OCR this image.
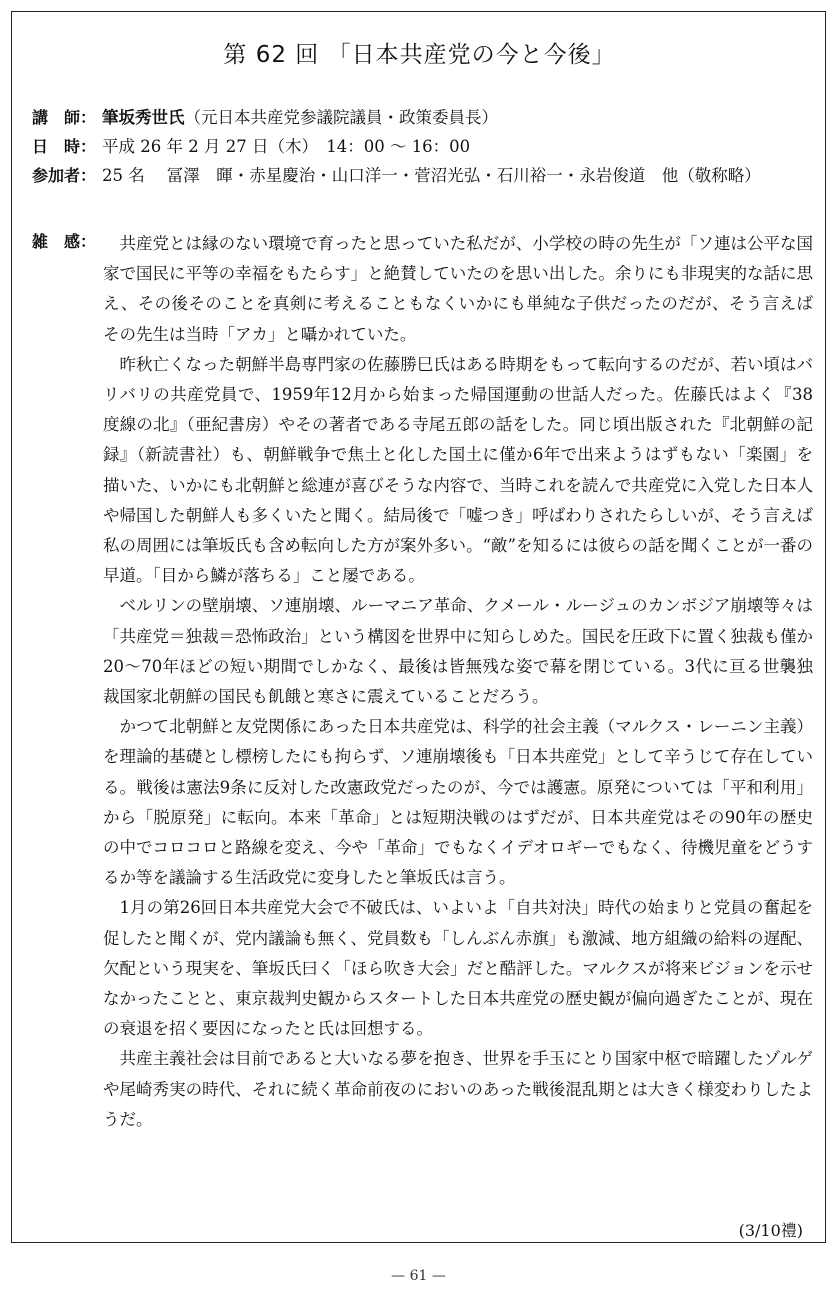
第 62 回 「日本共産党の今と今後」
講　師： 筆坂秀世氏（元日本共産党参議院議員・政策委員長）
日　時： 平成 26 年 2 月 27 日（木）　14：00 〜 16：00
参加者： 25 名 冨澤　暉・赤星慶治・山口洋一・菅沼光弘・石川裕一・永岩俊道　他（敬称略）
雑　感：	共産党とは縁のない環境で育ったと思っていた私だが、小学校の時の先生が「ソ連は公平な国家で国民に平等の幸福をもたらす」と絶賛していたのを思い出した。余りにも非現実的な話に思え、その後そのことを真剣に考えることもなくいかにも単純な子供だったのだが、そう言えばその先生は当時「アカ」と囁かれていた。

昨秋亡くなった朝鮮半島専門家の佐藤勝巳氏はある時期をもって転向するのだが、若い頃はバリバリの共産党員で、1959年12月から始まった帰国運動の世話人だった。佐藤氏はよく『38度線の北』（亜紀書房）やその著者である寺尾五郎の話をした。同じ頃出版された『北朝鮮の記録』（新読書社）も、朝鮮戦争で焦土と化した国土に僅か6年で出来ようはずもない「楽園」を描いた、いかにも北朝鮮と総連が喜びそうな内容で、当時これを読んで共産党に入党した日本人や帰国した朝鮮人も多くいたと聞く。結局後で「嘘つき」呼ばわりされたらしいが、そう言えば私の周囲には筆坂氏も含め転向した方が案外多い。“敵”を知るには彼らの話を聞くことが一番の早道。「目から鱗が落ちる」こと屡である。

ベルリンの壁崩壊、ソ連崩壊、ルーマニア革命、クメール・ルージュのカンボジア崩壊等々は「共産党＝独裁＝恐怖政治」という構図を世界中に知らしめた。国民を圧政下に置く独裁も僅か20〜70年ほどの短い期間でしかなく、最後は皆無残な姿で幕を閉じている。3代に亘る世襲独裁国家北朝鮮の国民も飢餓と寒さに震えていることだろう。

かつて北朝鮮と友党関係にあった日本共産党は、科学的社会主義（マルクス・レーニン主義）を理論的基礎とし標榜したにも拘らず、ソ連崩壊後も「日本共産党」として辛うじて存在している。戦後は憲法9条に反対した改憲政党だったのが、今では護憲。原発については「平和利用」から「脱原発」に転向。本来「革命」とは短期決戦のはずだが、日本共産党はその90年の歴史の中でコロコロと路線を変え、今や「革命」でもなくイデオロギーでもなく、待機児童をどうするか等を議論する生活政党に変身したと筆坂氏は言う。

1月の第26回日本共産党大会で不破氏は、いよいよ「自共対決」時代の始まりと党員の奮起を促したと聞くが、党内議論も無く、党員数も「しんぶん赤旗」も激減、地方組織の給料の遅配、欠配という現実を、筆坂氏曰く「ほら吹き大会」だと酷評した。マルクスが将来ビジョンを示せなかったことと、東京裁判史観からスタートした日本共産党の歴史観が偏向過ぎたことが、現在の衰退を招く要因になったと氏は回想する。

共産主義社会は目前であると大いなる夢を抱き、世界を手玉にとり国家中枢で暗躍したゾルゲや尾崎秀実の時代、それに続く革命前夜のにおいのあった戦後混乱期とは大きく様変わりしたようだ。

(3/10禮)
— 61 —
